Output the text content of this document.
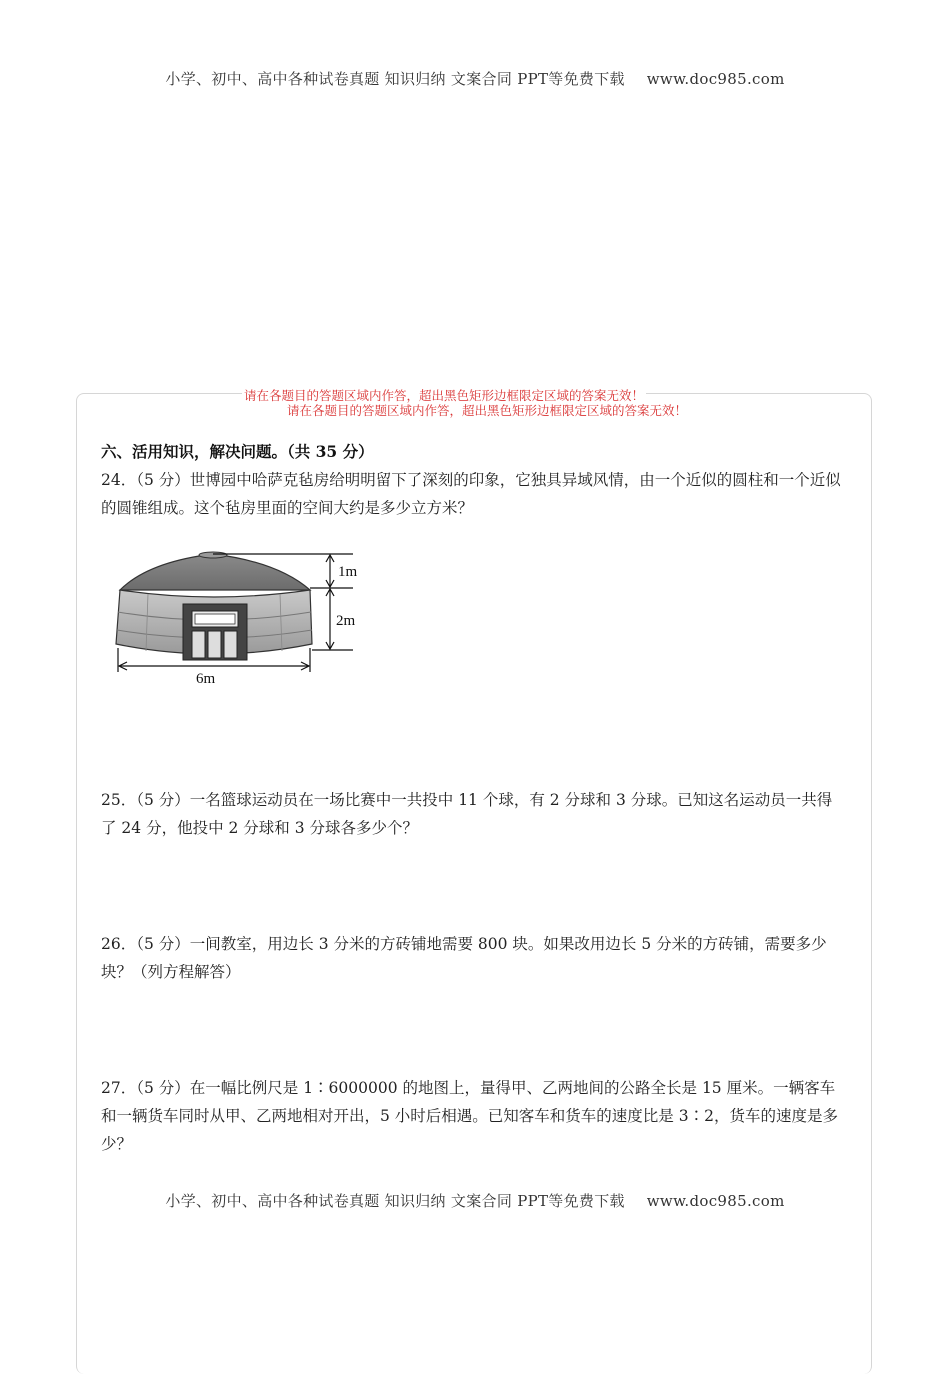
小学、初中、高中各种试卷真题 知识归纳 文案合同 PPT等免费下载 www.doc985.com
请在各题目的答题区域内作答，超出黑色矩形边框限定区域的答案无效！
请在各题目的答题区域内作答，超出黑色矩形边框限定区域的答案无效！
六、活用知识，解决问题。（共 35 分）
24．（5 分）世博园中哈萨克毡房给明明留下了深刻的印象，它独具异域风情，由一个近似的圆柱和一个近似的圆锥组成。这个毡房里面的空间大约是多少立方米？
1m
2m
6m
25．（5 分）一名篮球运动员在一场比赛中一共投中 11 个球，有 2 分球和 3 分球。已知这名运动员一共得了 24 分，他投中 2 分球和 3 分球各多少个？
26．（5 分）一间教室，用边长 3 分米的方砖铺地需要 800 块。如果改用边长 5 分米的方砖铺，需要多少块？（列方程解答）
27．（5 分）在一幅比例尺是 1∶6000000 的地图上，量得甲、乙两地间的公路全长是 15 厘米。一辆客车和一辆货车同时从甲、乙两地相对开出，5 小时后相遇。已知客车和货车的速度比是 3∶2，货车的速度是多少？
小学、初中、高中各种试卷真题 知识归纳 文案合同 PPT等免费下载 www.doc985.com
